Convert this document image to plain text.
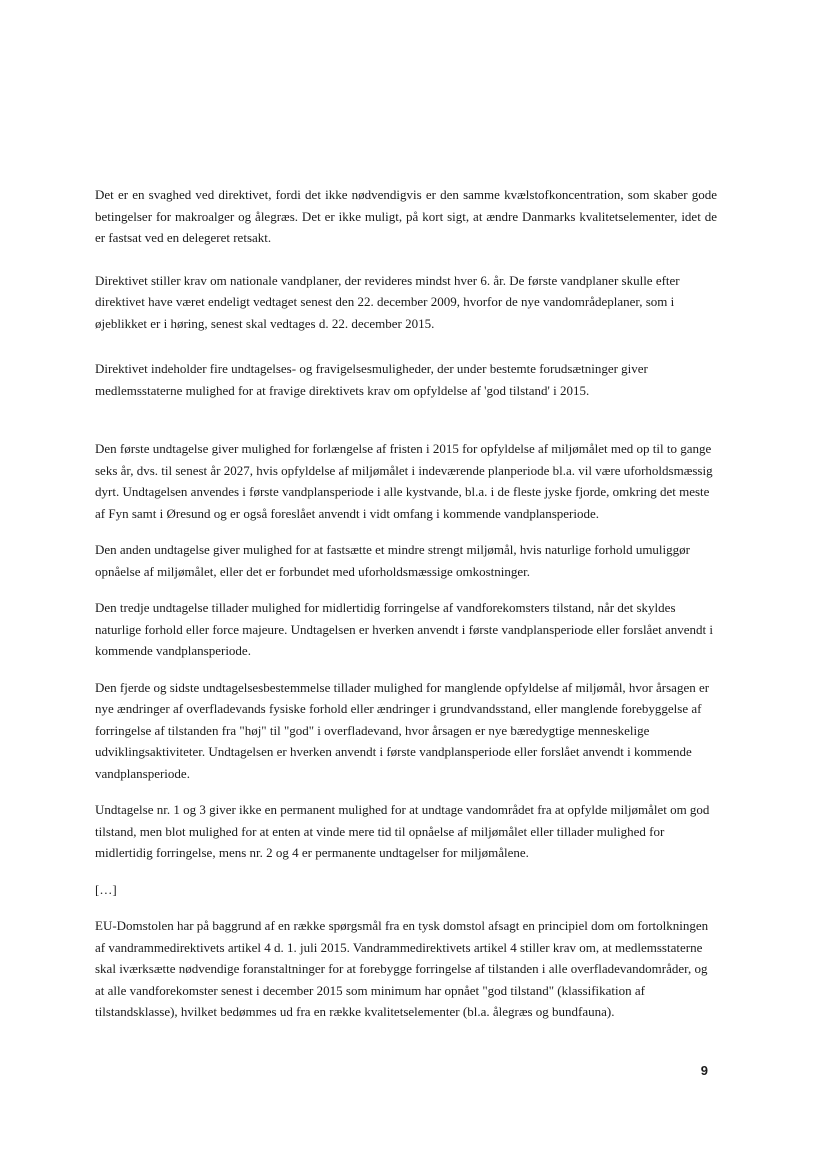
Det er en svaghed ved direktivet, fordi det ikke nødvendigvis er den samme kvælstofkoncentration, som skaber gode betingelser for makroalger og ålegræs. Det er ikke muligt, på kort sigt, at ændre Danmarks kvalitetselementer, idet de er fastsat ved en delegeret retsakt.

Direktivet stiller krav om nationale vandplaner, der revideres mindst hver 6. år. De første vandplaner skulle efter direktivet have været endeligt vedtaget senest den 22. december 2009, hvorfor de nye vandområdeplaner, som i øjeblikket er i høring, senest skal vedtages d. 22. december 2015.

Direktivet indeholder fire undtagelses- og fravigelsesmuligheder, der under bestemte forudsætninger giver medlemsstaterne mulighed for at fravige direktivets krav om opfyldelse af 'god tilstand' i 2015.

Den første undtagelse giver mulighed for forlængelse af fristen i 2015 for opfyldelse af miljømålet med op til to gange seks år, dvs. til senest år 2027, hvis opfyldelse af miljømålet i indeværende planperiode bl.a. vil være uforholdsmæssig dyrt. Undtagelsen anvendes i første vandplansperiode i alle kystvande, bl.a. i de fleste jyske fjorde, omkring det meste af Fyn samt i Øresund og er også foreslået anvendt i vidt omfang i kommende vandplansperiode.

Den anden undtagelse giver mulighed for at fastsætte et mindre strengt miljømål, hvis naturlige forhold umuliggør opnåelse af miljømålet, eller det er forbundet med uforholdsmæssige omkostninger.

Den tredje undtagelse tillader mulighed for midlertidig forringelse af vandforekomsters tilstand, når det skyldes naturlige forhold eller force majeure. Undtagelsen er hverken anvendt i første vandplansperiode eller forslået anvendt i kommende vandplansperiode.

Den fjerde og sidste undtagelsesbestemmelse tillader mulighed for manglende opfyldelse af miljømål, hvor årsagen er nye ændringer af overfladevands fysiske forhold eller ændringer i grundvandsstand, eller manglende forebyggelse af forringelse af tilstanden fra "høj" til "god" i overfladevand, hvor årsagen er nye bæredygtige menneskelige udviklingsaktiviteter. Undtagelsen er hverken anvendt i første vandplansperiode eller forslået anvendt i kommende vandplansperiode.

Undtagelse nr. 1 og 3 giver ikke en permanent mulighed for at undtage vandområdet fra at opfylde miljømålet om god tilstand, men blot mulighed for at enten at vinde mere tid til opnåelse af miljømålet eller tillader mulighed for midlertidig forringelse, mens nr. 2 og 4 er permanente undtagelser for miljømålene.

[…]

EU-Domstolen har på baggrund af en række spørgsmål fra en tysk domstol afsagt en principiel dom om fortolkningen af vandrammedirektivets artikel 4 d. 1. juli 2015. Vandrammedirektivets artikel 4 stiller krav om, at medlemsstaterne skal iværksætte nødvendige foranstaltninger for at forebygge forringelse af tilstanden i alle overfladevandområder, og at alle vandforekomster senest i december 2015 som minimum har opnået "god tilstand" (klassifikation af tilstandsklasse), hvilket bedømmes ud fra en række kvalitetselementer (bl.a. ålegræs og bundfauna).

9
